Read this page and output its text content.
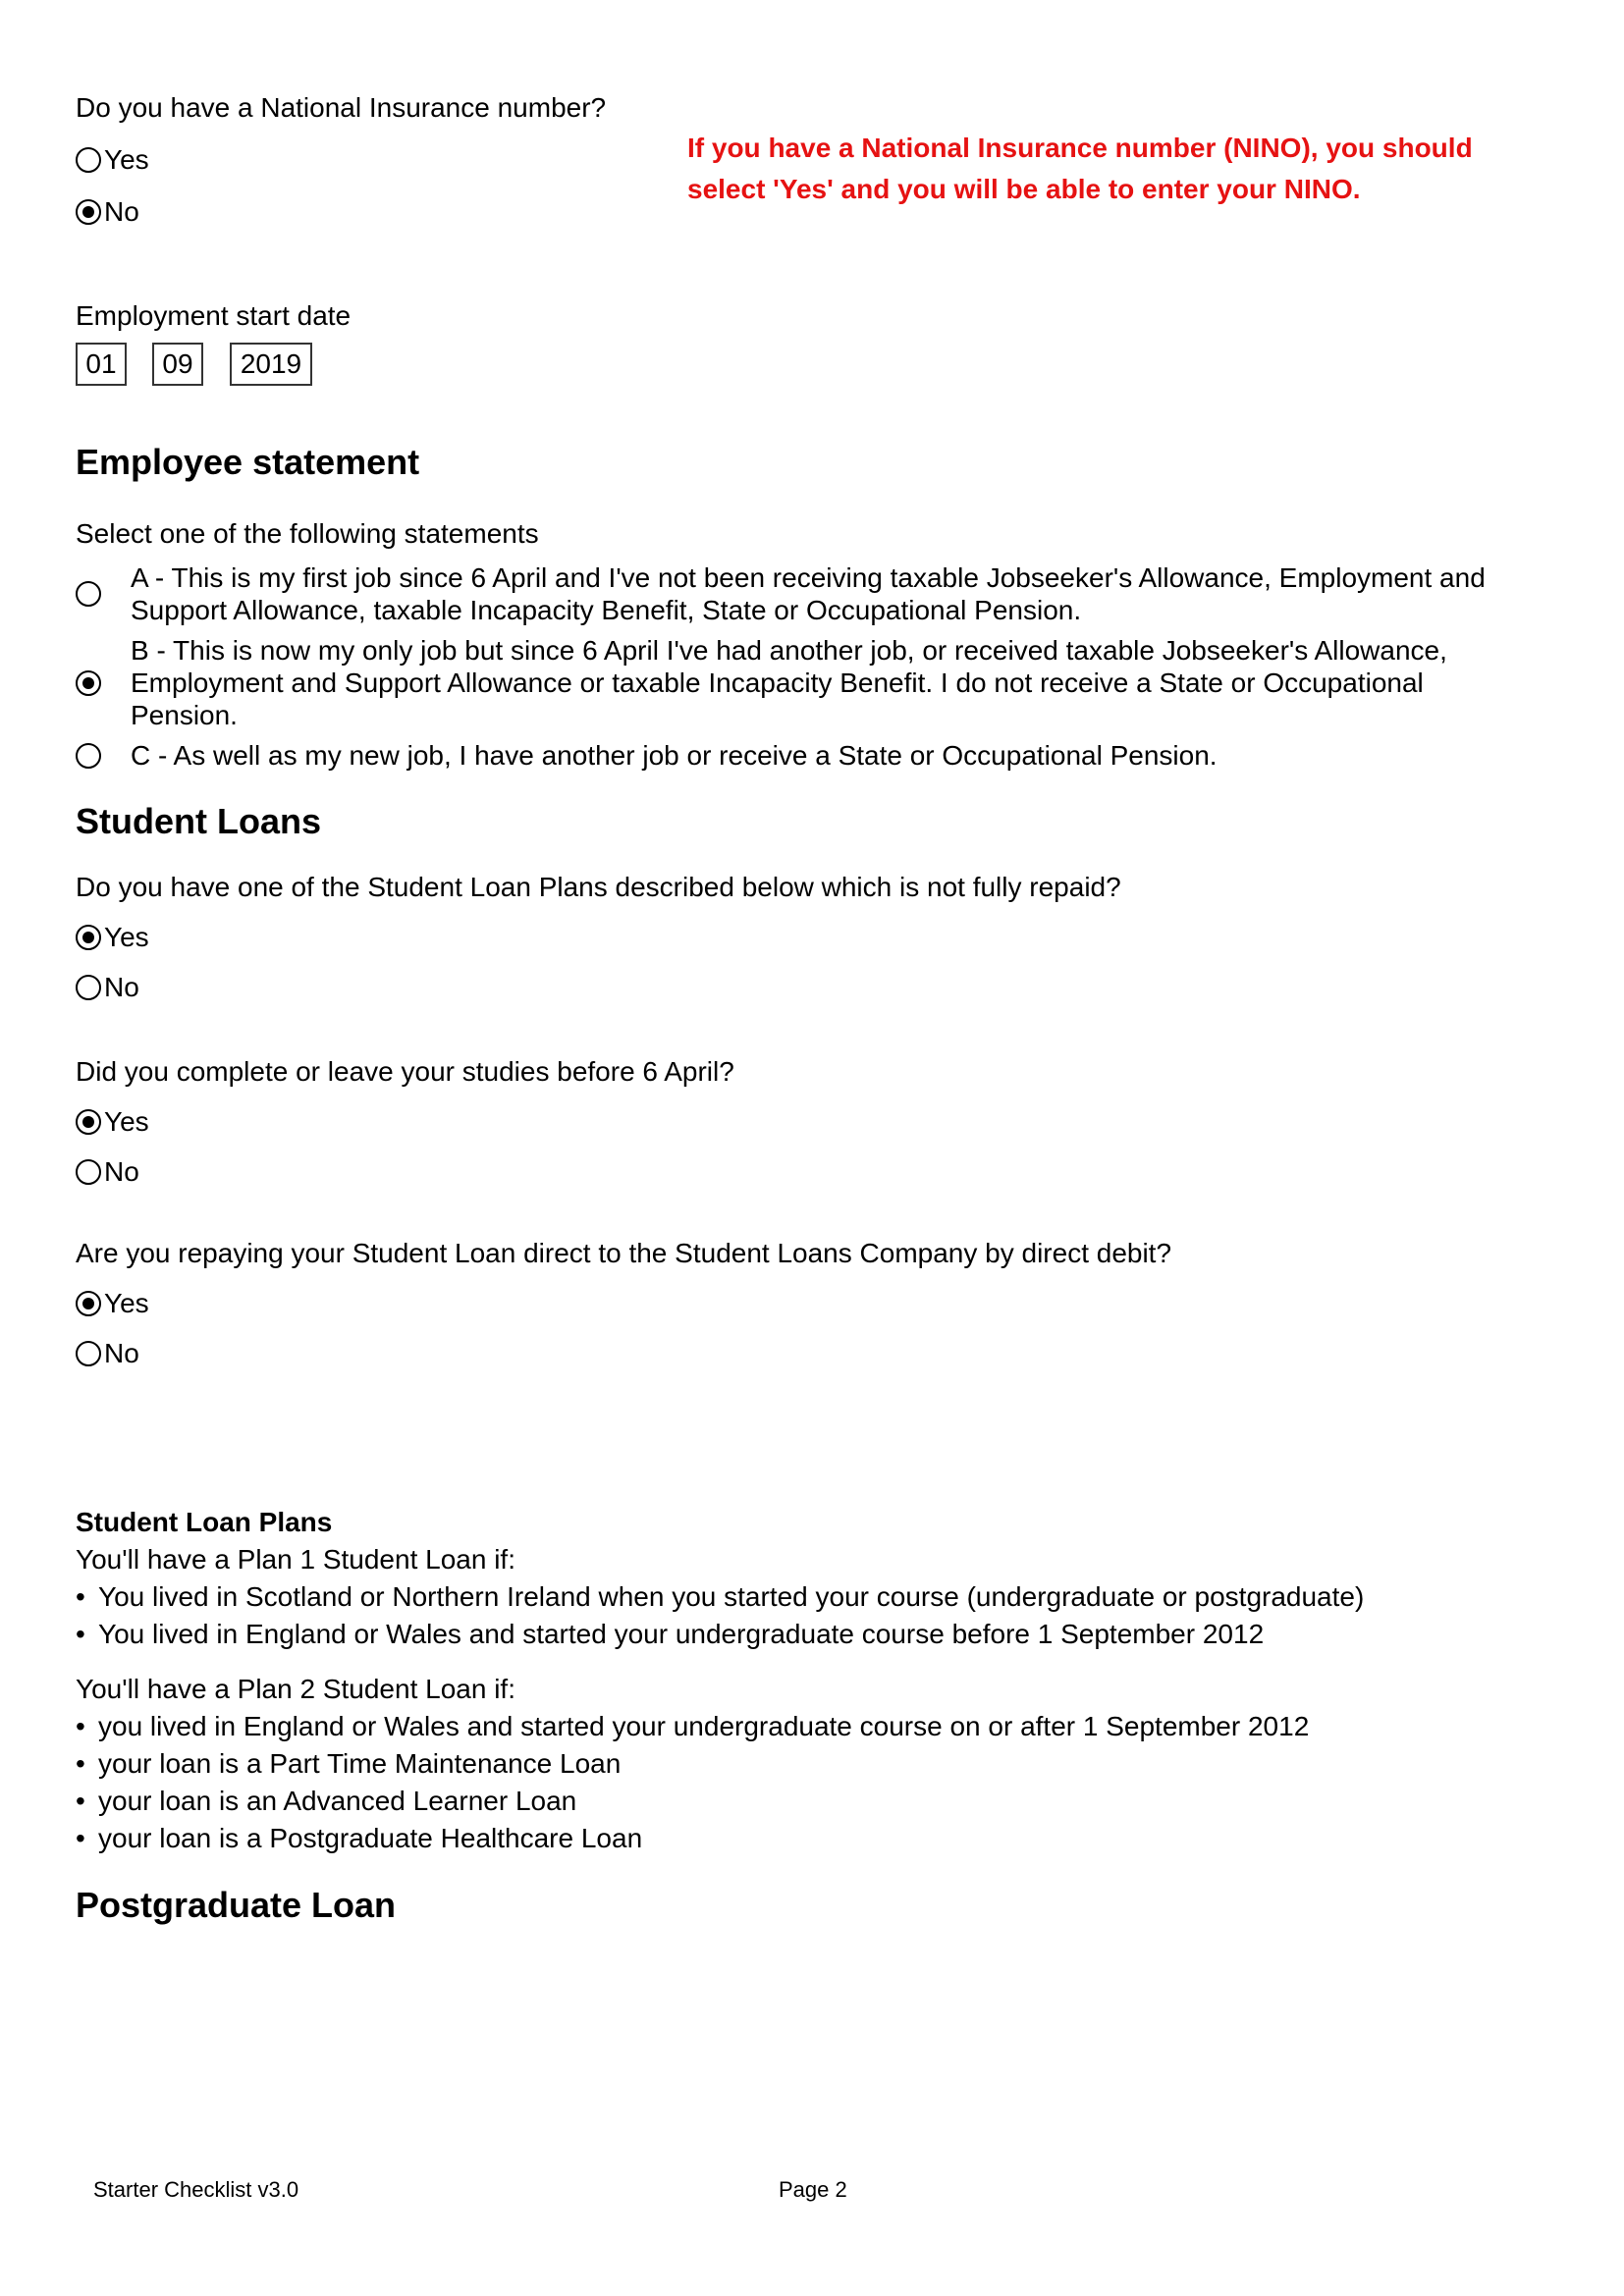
Do you have a National Insurance number?
Yes
No
If you have a National Insurance number (NINO), you should
select 'Yes' and you will be able to enter your NINO.
Employment start date
01	09	2019
Employee statement
Select one of the following statements
A - This is my first job since 6 April and I've not been receiving taxable Jobseeker's Allowance, Employment and Support Allowance, taxable Incapacity Benefit, State or Occupational Pension.
B - This is now my only job but since 6 April I've had another job, or received taxable Jobseeker's Allowance, Employment and Support Allowance or taxable Incapacity Benefit. I do not receive a State or Occupational Pension.
C - As well as my new job, I have another job or receive a State or Occupational Pension.
Student Loans
Do you have one of the Student Loan Plans described below which is not fully repaid?
Yes
No
Did you complete or leave your studies before 6 April?
Yes
No
Are you repaying your Student Loan direct to the Student Loans Company by direct debit?
Yes
No
Student Loan Plans
You'll have a Plan 1 Student Loan if:
• You lived in Scotland or Northern Ireland when you started your course (undergraduate or postgraduate)
• You lived in England or Wales and started your undergraduate course before 1 September 2012
You'll have a Plan 2 Student Loan if:
• you lived in England or Wales and started your undergraduate course on or after 1 September 2012
• your loan is a Part Time Maintenance Loan
• your loan is an Advanced Learner Loan
• your loan is a Postgraduate Healthcare Loan
Postgraduate Loan
Starter Checklist v3.0	Page 2
